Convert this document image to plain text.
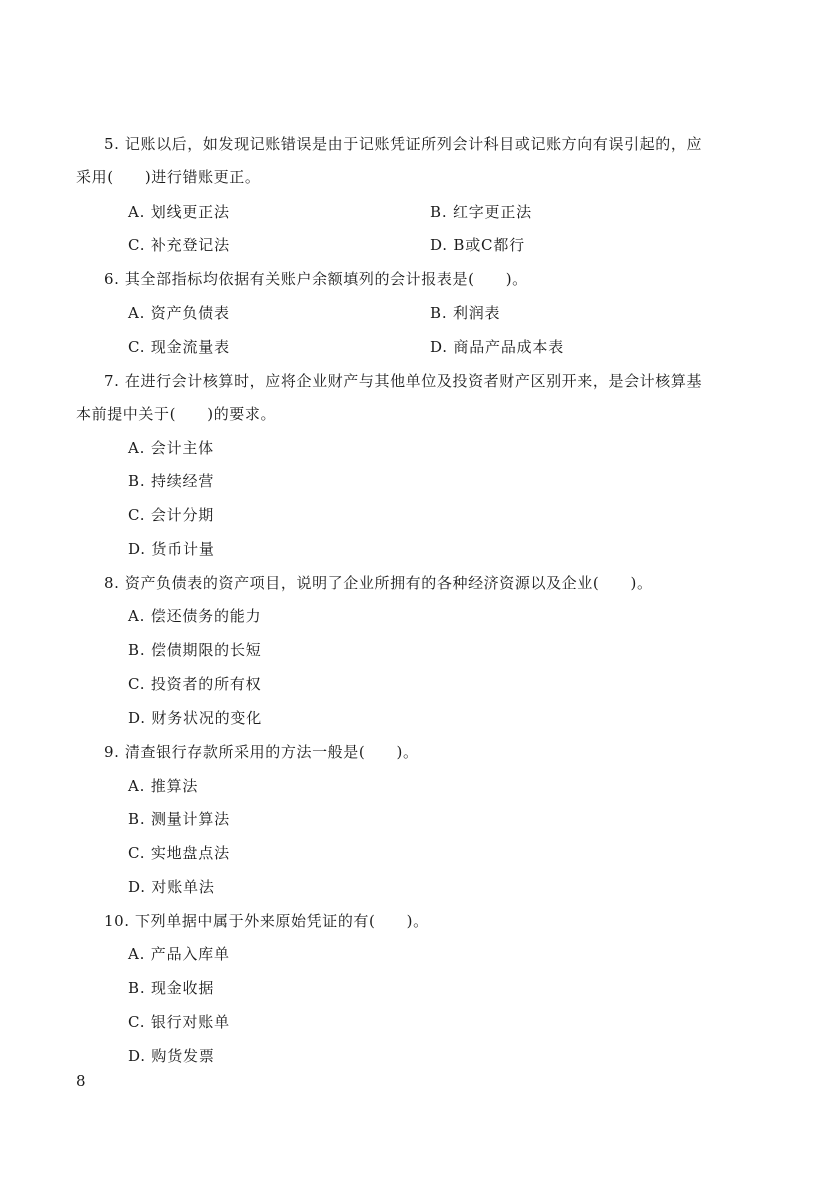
5. 记账以后，如发现记账错误是由于记账凭证所列会计科目或记账方向有误引起的，应
采用(　　)进行错账更正。
A. 划线更正法	B. 红字更正法
C. 补充登记法	D. B或C都行
6. 其全部指标均依据有关账户余额填列的会计报表是(　　)。
A. 资产负债表	B. 利润表
C. 现金流量表	D. 商品产品成本表
7. 在进行会计核算时，应将企业财产与其他单位及投资者财产区别开来，是会计核算基
本前提中关于(　　)的要求。
A. 会计主体
B. 持续经营
C. 会计分期
D. 货币计量
8. 资产负债表的资产项目，说明了企业所拥有的各种经济资源以及企业(　　)。
A. 偿还债务的能力
B. 偿债期限的长短
C. 投资者的所有权
D. 财务状况的变化
9. 清查银行存款所采用的方法一般是(　　)。
A. 推算法
B. 测量计算法
C. 实地盘点法
D. 对账单法
10. 下列单据中属于外来原始凭证的有(　　)。
A. 产品入库单
B. 现金收据
C. 银行对账单
D. 购货发票
8
